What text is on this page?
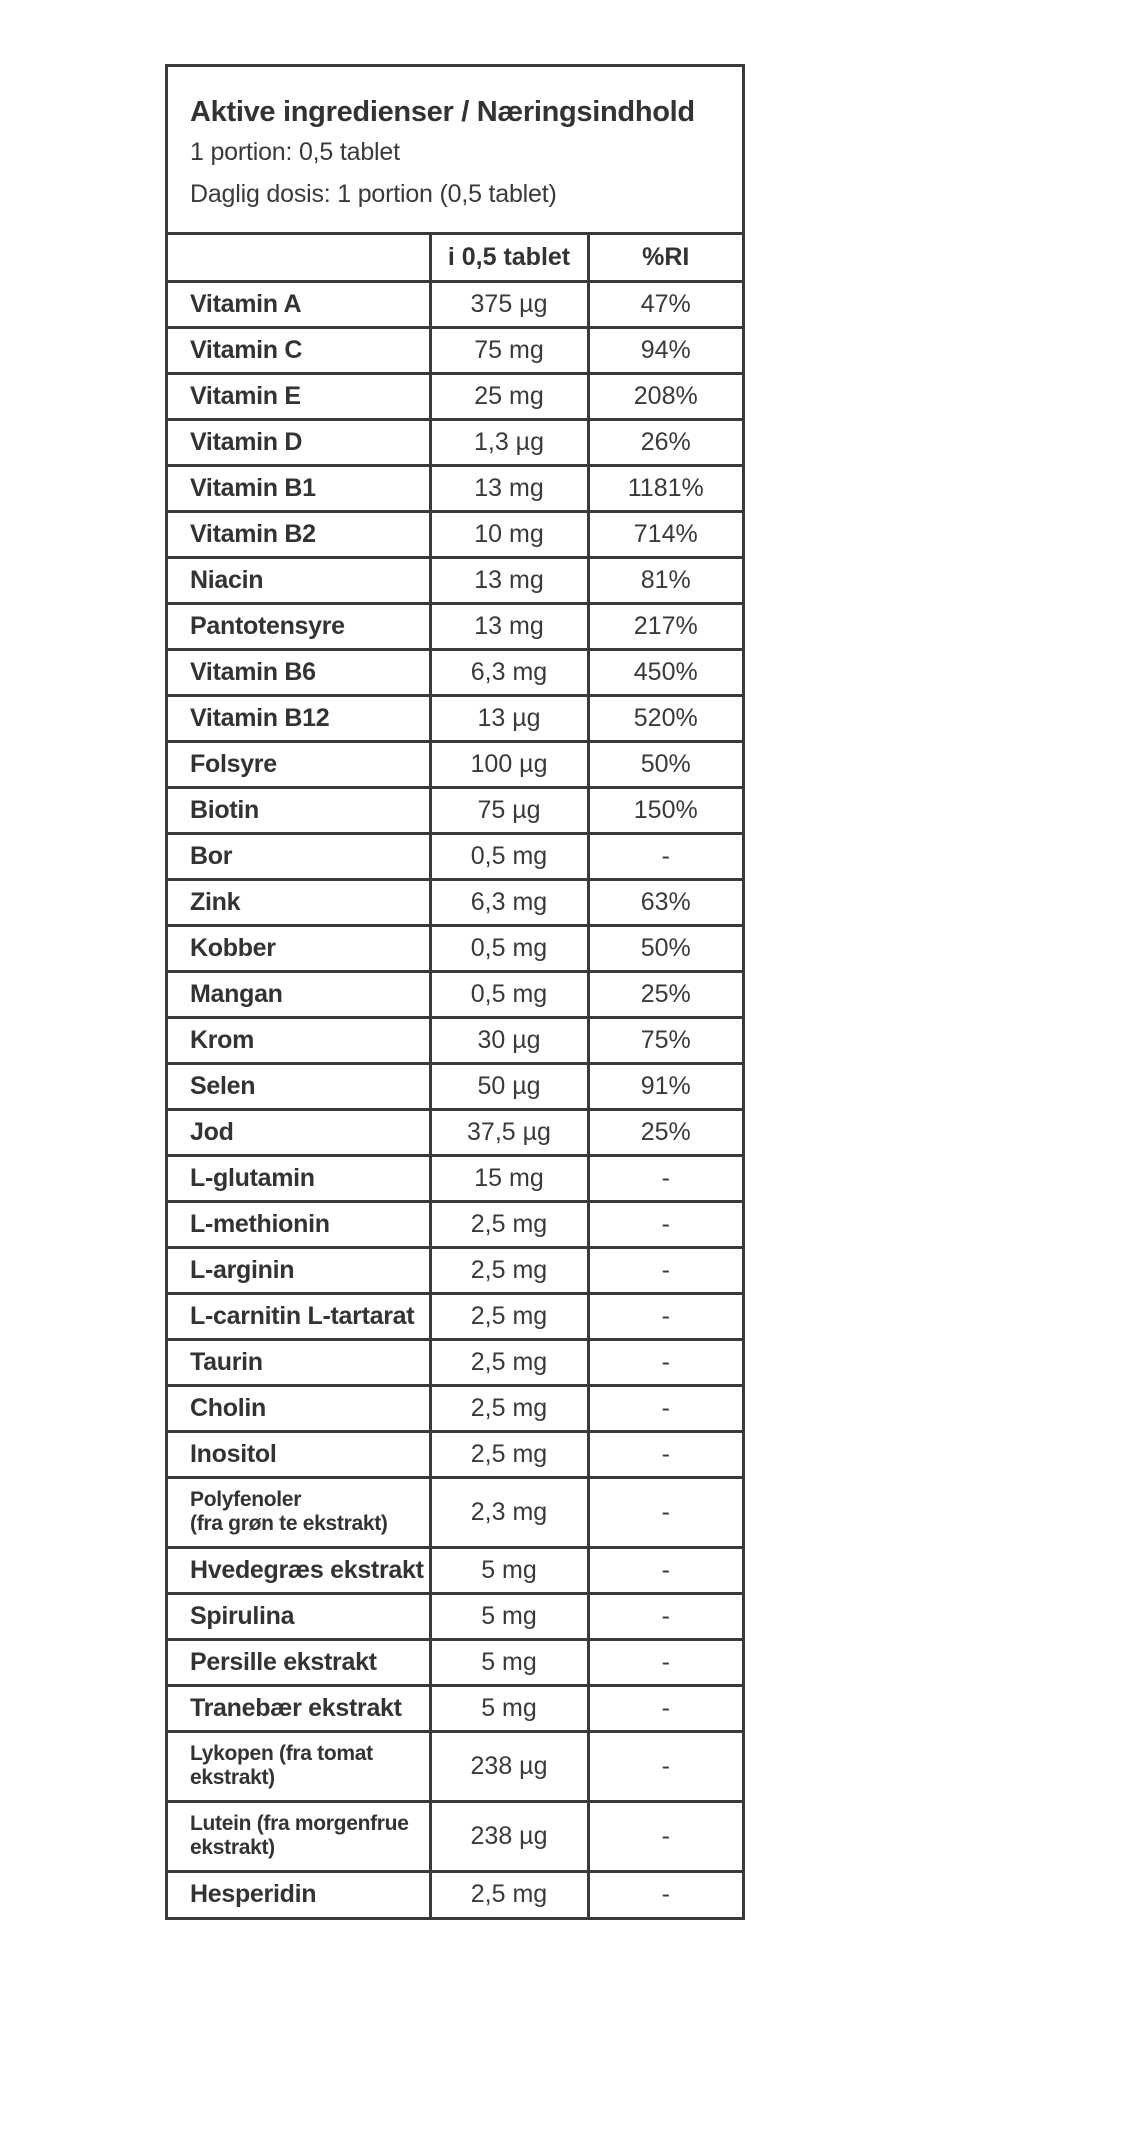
Aktive ingredienser / Næringsindhold
1 portion: 0,5 tablet
Daglig dosis: 1 portion (0,5 tablet)
	i 0,5 tablet	%RI
Vitamin A	375 µg	47%
Vitamin C	75 mg	94%
Vitamin E	25 mg	208%
Vitamin D	1,3 µg	26%
Vitamin B1	13 mg	1181%
Vitamin B2	10 mg	714%
Niacin	13 mg	81%
Pantotensyre	13 mg	217%
Vitamin B6	6,3 mg	450%
Vitamin B12	13 µg	520%
Folsyre	100 µg	50%
Biotin	75 µg	150%
Bor	0,5 mg	-
Zink	6,3 mg	63%
Kobber	0,5 mg	50%
Mangan	0,5 mg	25%
Krom	30 µg	75%
Selen	50 µg	91%
Jod	37,5 µg	25%
L-glutamin	15 mg	-
L-methionin	2,5 mg	-
L-arginin	2,5 mg	-
L-carnitin L-tartarat	2,5 mg	-
Taurin	2,5 mg	-
Cholin	2,5 mg	-
Inositol	2,5 mg	-
Polyfenoler
(fra grøn te ekstrakt)	2,3 mg	-
Hvedegræs ekstrakt	5 mg	-
Spirulina	5 mg	-
Persille ekstrakt	5 mg	-
Tranebær ekstrakt	5 mg	-
Lykopen (fra tomat
ekstrakt)	238 µg	-
Lutein (fra morgenfrue
ekstrakt)	238 µg	-
Hesperidin	2,5 mg	-
